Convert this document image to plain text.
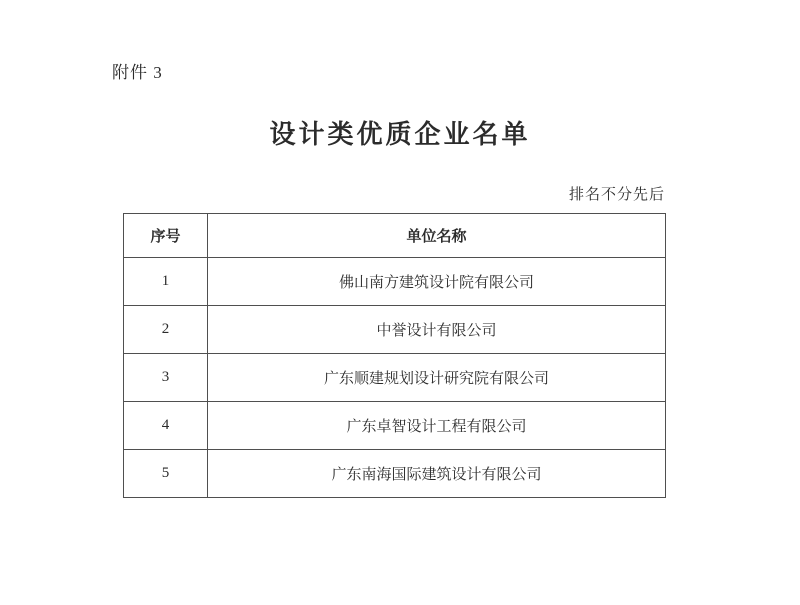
附件 3
设计类优质企业名单
排名不分先后
序号	单位名称
1	佛山南方建筑设计院有限公司
2	中誉设计有限公司
3	广东顺建规划设计研究院有限公司
4	广东卓智设计工程有限公司
5	广东南海国际建筑设计有限公司
